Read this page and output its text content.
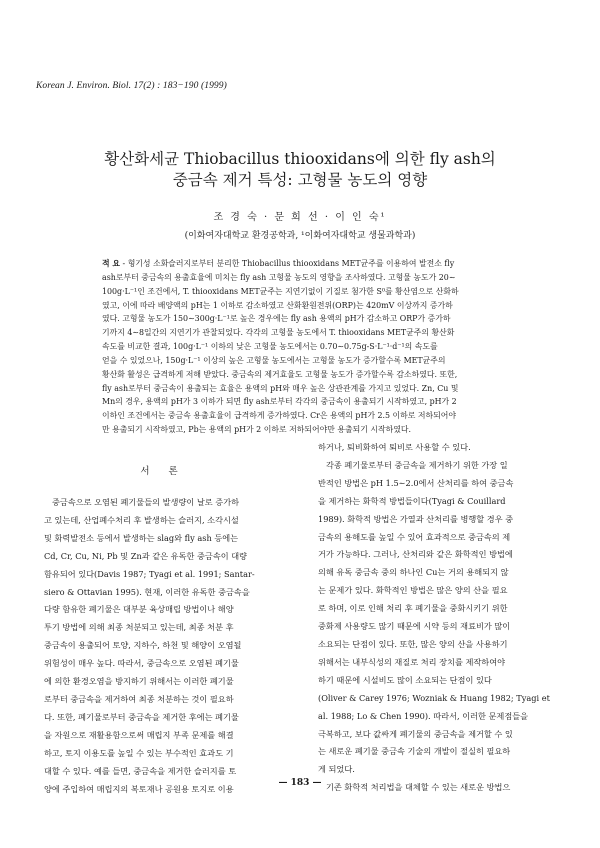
Korean J. Environ. Biol. 17(2) : 183−190 (1999)
황산화세균 Thiobacillus thiooxidans에 의한 fly ash의
중금속 제거 특성: 고형물 농도의 영향
조 경 숙 · 문 희 선 · 이 인 숙¹
(이화여자대학교 환경공학과, ¹이화여자대학교 생물과학과)
적 요 - 형기성 소화슬러지로부터 분리한 Thiobacillus thiooxidans MET균주를 이용하여 발전소 fly
ash로부터 중금속의 용출효율에 미치는 fly ash 고형물 농도의 영향을 조사하였다. 고형물 농도가 20∼
100g·L⁻¹인 조건에서, T. thiooxidans MET균주는 지연기없이 기질로 첨가한 S⁰를 황산염으로 산화하
였고, 이에 따라 배양액의 pH는 1 이하로 감소하였고 산화환원전위(ORP)는 420mV 이상까지 증가하
였다. 고형물 농도가 150∼300g·L⁻¹로 높은 경우에는 fly ash 용액의 pH가 감소하고 ORP가 증가하
기까지 4∼8일간의 지연기가 관찰되었다. 각각의 고형물 농도에서 T. thiooxidans MET균주의 황산화
속도를 비교한 결과, 100g·L⁻¹ 이하의 낮은 고형물 농도에서는 0.70∼0.75g-S·L⁻¹·d⁻¹의 속도를
얻을 수 있었으나, 150g·L⁻¹ 이상의 높은 고형물 농도에서는 고형물 농도가 증가할수록 MET균주의
황산화 활성은 급격하게 저해 받았다. 중금속의 제거효율도 고형물 농도가 증가할수록 감소하였다. 또한,
fly ash로부터 중금속이 용출되는 효율은 용액의 pH와 매우 높은 상관관계를 가지고 있었다. Zn, Cu 및
Mn의 경우, 용액의 pH가 3 이하가 되면 fly ash로부터 각각의 중금속이 용출되기 시작하였고, pH가 2
이하인 조건에서는 중금속 용출효율이 급격하게 증가하였다. Cr은 용액의 pH가 2.5 이하로 저하되어야
만 용출되기 시작하였고, Pb는 용액의 pH가 2 이하로 저하되어야만 용출되기 시작하였다.
서 론
중금속으로 오염된 폐기물들의 발생량이 날로 증가하
고 있는데, 산업폐수처리 후 발생하는 슬러지, 소각시설
및 화력발전소 등에서 발생하는 slag와 fly ash 등에는
Cd, Cr, Cu, Ni, Pb 및 Zn과 같은 유독한 중금속이 대량
함유되어 있다(Davis 1987; Tyagi et al. 1991; Santar-
siero & Ottavian 1995). 현재, 이러한 유독한 중금속을
다량 함유한 폐기물은 대부분 육상매립 방법이나 해양
투기 방법에 의해 최종 처분되고 있는데, 최종 처분 후
중금속이 용출되어 토양, 지하수, 하천 및 해양이 오염될
위험성이 매우 높다. 따라서, 중금속으로 오염된 폐기물
에 의한 환경오염을 방지하기 위해서는 이러한 폐기물
로부터 중금속을 제거하여 최종 처분하는 것이 필요하
다. 또한, 폐기물로부터 중금속을 제거한 후에는 폐기물
을 자원으로 재활용함으로써 매립지 부족 문제를 해결
하고, 토지 이용도를 높일 수 있는 부수적인 효과도 기
대할 수 있다. 예를 들면, 중금속을 제거한 슬러지를 토
양에 주입하여 매립지의 복토재나 공원용 토지로 이용
하거나, 퇴비화하여 퇴비로 사용할 수 있다.
각종 폐기물로부터 중금속을 제거하기 위한 가장 일
반적인 방법은 pH 1.5∼2.0에서 산처리를 하여 중금속
을 제거하는 화학적 방법들이다(Tyagi & Couillard
1989). 화학적 방법은 가열과 산처리를 병행할 경우 중
금속의 용해도를 높일 수 있어 효과적으로 중금속의 제
거가 가능하다. 그러나, 산처리와 같은 화학적인 방법에
의해 유독 중금속 중의 하나인 Cu는 거의 용해되지 않
는 문제가 있다. 화학적인 방법은 많은 양의 산을 필요
로 하며, 이로 인해 처리 후 폐기물을 중화시키기 위한
중화제 사용량도 많기 때문에 시약 등의 재료비가 많이
소요되는 단점이 있다. 또한, 많은 양의 산을 사용하기
위해서는 내부식성의 재질로 처리 장치를 제작하여야
하기 때문에 시설비도 많이 소요되는 단점이 있다
(Oliver & Carey 1976; Wozniak & Huang 1982; Tyagi et
al. 1988; Lo & Chen 1990). 따라서, 이러한 문제점들을
극복하고, 보다 값싸게 폐기물의 중금속을 제거할 수 있
는 새로운 폐기물 중금속 기술의 개발이 절실히 필요하
게 되었다.
기존 화학적 처리법을 대체할 수 있는 새로운 방법으
— 183 —
